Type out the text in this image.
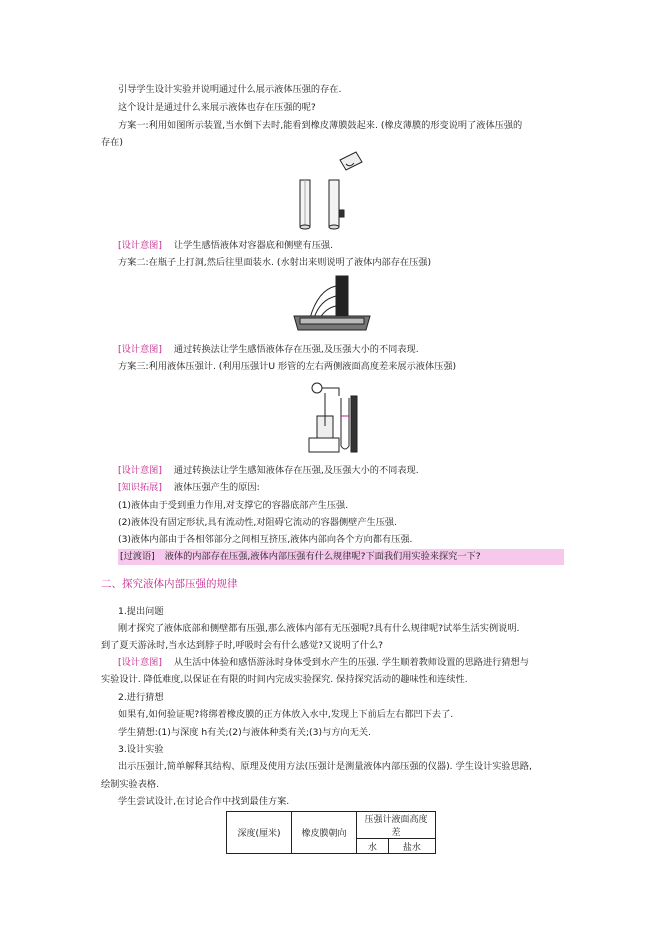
引导学生设计实验并说明通过什么展示液体压强的存在.
这个设计是通过什么来展示液体也存在压强的呢?
方案一:利用如图所示装置,当水倒下去时,能看到橡皮薄膜鼓起来. (橡皮薄膜的形变说明了液体压强的
存在)
[设计意图] 让学生感悟液体对容器底和侧壁有压强.
方案二:在瓶子上打洞,然后往里面装水. (水射出来则说明了液体内部存在压强)
[设计意图] 通过转换法让学生感悟液体存在压强,及压强大小的不同表现.
方案三:利用液体压强计. (利用压强计U 形管的左右两侧液面高度差来展示液体压强)
[设计意图] 通过转换法让学生感知液体存在压强,及压强大小的不同表现.
[知识拓展] 液体压强产生的原因:
(1)液体由于受到重力作用,对支撑它的容器底部产生压强.
(2)液体没有固定形状,具有流动性,对阻碍它流动的容器侧壁产生压强.
(3)液体内部由于各相邻部分之间相互挤压,液体内部向各个方向都有压强.
[过渡语] 液体的内部存在压强,液体内部压强有什么规律呢?下面我们用实验来探究一下?
二、探究液体内部压强的规律
1.提出问题
刚才探究了液体底部和侧壁都有压强,那么液体内部有无压强呢?具有什么规律呢?试举生活实例说明.
到了夏天游泳时,当水达到脖子时,呼吸时会有什么感觉?又说明了什么?
[设计意图] 从生活中体验和感悟游泳时身体受到水产生的压强. 学生顺着教师设置的思路进行猜想与
实验设计. 降低难度,以保证在有限的时间内完成实验探究. 保持探究活动的趣味性和连续性.
2.进行猜想
如果有,如何验证呢?将绑着橡皮膜的正方体放入水中,发现上下前后左右都凹下去了.
学生猜想:(1)与深度 h有关;(2)与液体种类有关;(3)与方向无关.
3.设计实验
出示压强计,简单解释其结构、原理及使用方法(压强计是测量液体内部压强的仪器). 学生设计实验思路,
绘制实验表格.
学生尝试设计,在讨论合作中找到最佳方案.
深度(厘米)	橡皮膜朝向	压强计液面高度差	
		水	盐水
